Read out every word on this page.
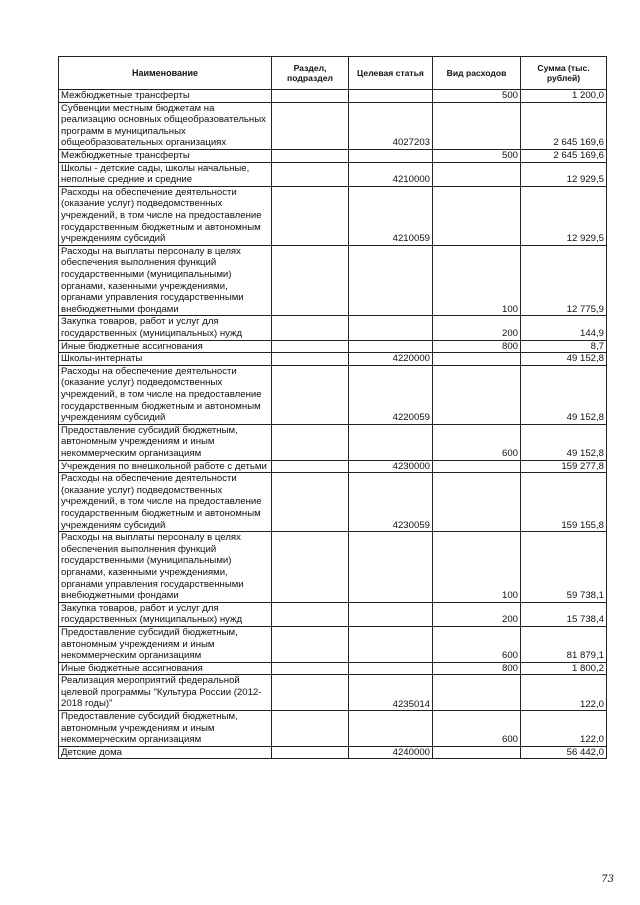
Наименование	Раздел, подраздел	Целевая статья	Вид расходов	Сумма (тыс. рублей)
Межбюджетные трансферты			500	1 200,0
Субвенции местным бюджетам на реализацию основных общеобразовательных программ в муниципальных общеобразовательных организациях		4027203		2 645 169,6
Межбюджетные трансферты			500	2 645 169,6
Школы - детские сады, школы начальные, неполные средние и средние		4210000		12 929,5
Расходы на обеспечение деятельности (оказание услуг) подведомственных учреждений, в том числе на предоставление государственным бюджетным и автономным учреждениям субсидий		4210059		12 929,5
Расходы на выплаты персоналу в целях обеспечения выполнения функций государственными (муниципальными) органами, казенными учреждениями, органами управления государственными внебюджетными фондами			100	12 775,9
Закупка товаров, работ и услуг для государственных (муниципальных) нужд			200	144,9
Иные бюджетные ассигнования			800	8,7
Школы-интернаты		4220000		49 152,8
Расходы на обеспечение деятельности (оказание услуг) подведомственных учреждений, в том числе на предоставление государственным бюджетным и автономным учреждениям субсидий		4220059		49 152,8
Предоставление субсидий бюджетным, автономным учреждениям и иным некоммерческим организациям			600	49 152,8
Учреждения по внешкольной работе с детьми		4230000		159 277,8
Расходы на обеспечение деятельности (оказание услуг) подведомственных учреждений, в том числе на предоставление государственным бюджетным и автономным учреждениям субсидий		4230059		159 155,8
Расходы на выплаты персоналу в целях обеспечения выполнения функций государственными (муниципальными) органами, казенными учреждениями, органами управления государственными внебюджетными фондами			100	59 738,1
Закупка товаров, работ и услуг для государственных (муниципальных) нужд			200	15 738,4
Предоставление субсидий бюджетным, автономным учреждениям и иным некоммерческим организациям			600	81 879,1
Иные бюджетные ассигнования			800	1 800,2
Реализация мероприятий федеральной целевой программы "Культура России (2012-2018 годы)"		4235014		122,0
Предоставление субсидий бюджетным, автономным учреждениям и иным некоммерческим организациям			600	122,0
Детские дома		4240000		56 442,0
73
